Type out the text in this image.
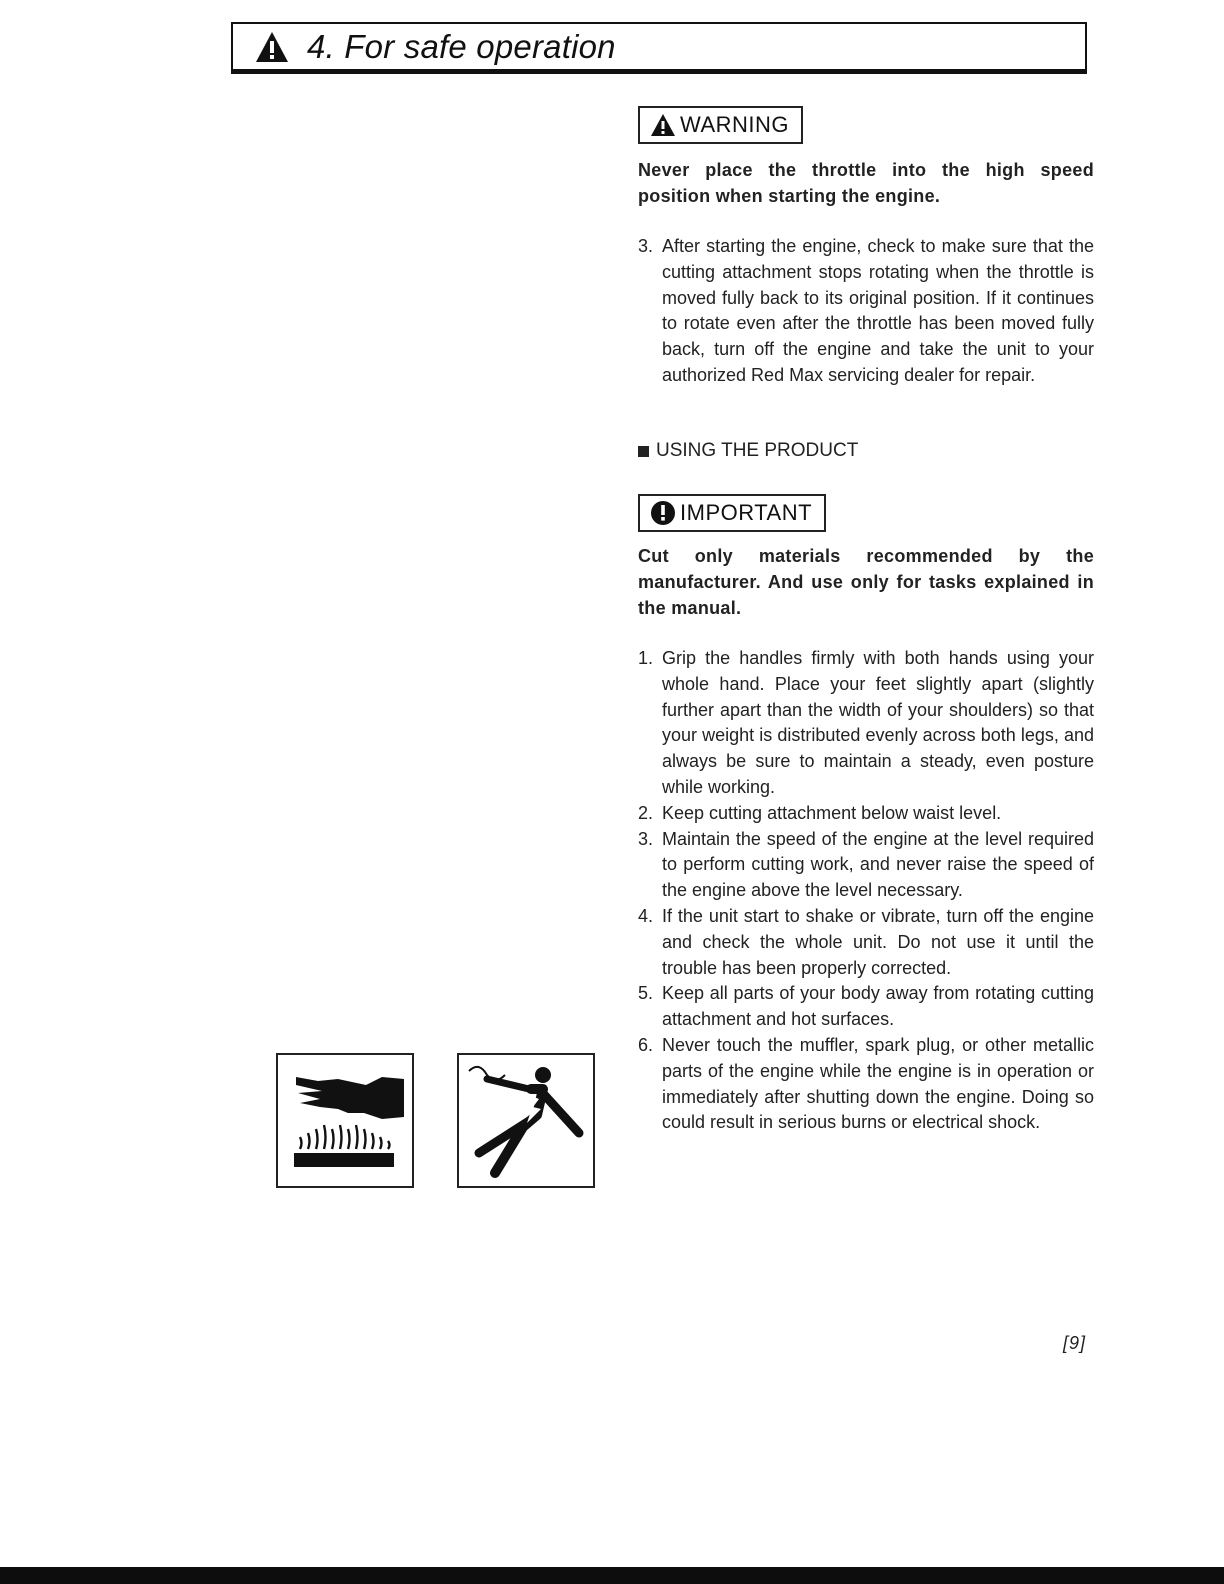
4. For safe operation
WARNING

Never place the throttle into the high speed position when starting the engine.

3. After starting the engine, check to make sure that the cutting attachment stops rotating when the throttle is moved fully back to its original position. If it continues to rotate even after the throttle has been moved fully back, turn off the engine and take the unit to your authorized Red Max servicing dealer for repair.
USING THE PRODUCT
IMPORTANT

Cut only materials recommended by the manufacturer. And use only for tasks explained in the manual.

1. Grip the handles firmly with both hands using your whole hand. Place your feet slightly apart (slightly further apart than the width of your shoulders) so that your weight is distributed evenly across both legs, and always be sure to maintain a steady, even posture while working.
2. Keep cutting attachment below waist level.
3. Maintain the speed of the engine at the level required to perform cutting work, and never raise the speed of the engine above the level necessary.
4. If the unit start to shake or vibrate, turn off the engine and check the whole unit. Do not use it until the trouble has been properly corrected.
5. Keep all parts of your body away from rotating cutting attachment and hot surfaces.
6. Never touch the muffler, spark plug, or other metallic parts of the engine while the engine is in operation or immediately after shutting down the engine. Doing so could result in serious burns or electrical shock.
[9]
